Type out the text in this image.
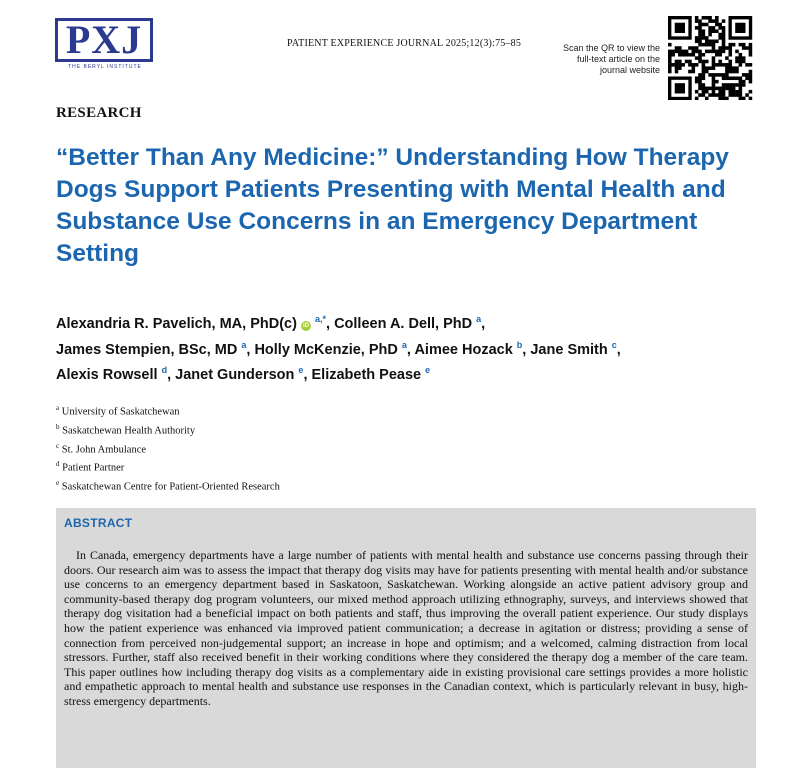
PXJ
THE BERYL INSTITUTE
PATIENT EXPERIENCE JOURNAL 2025;12(3):75–85	Scan the QR to view the full-text article on the journal website
RESEARCH
“Better Than Any Medicine:” Understanding How Therapy Dogs Support Patients Presenting with Mental Health and Substance Use Concerns in an Emergency Department Setting
Alexandria R. Pavelich, MA, PhD(c) iD $^{a,*}$, Colleen A. Dell, PhD $^a$,
James Stempien, BSc, MD $^a$, Holly McKenzie, PhD $^a$, Aimee Hozack $^b$, Jane Smith $^c$,
Alexis Rowsell $^d$, Janet Gunderson $^e$, Elizabeth Pease $^e$
$^a$ University of Saskatchewan
$^b$ Saskatchewan Health Authority
$^c$ St. John Ambulance
$^d$ Patient Partner
$^e$ Saskatchewan Centre for Patient-Oriented Research
ABSTRACT
In Canada, emergency departments have a large number of patients with mental health and substance use concerns passing through their doors. Our research aim was to assess the impact that therapy dog visits may have for patients presenting with mental health and/or substance use concerns to an emergency department based in Saskatoon, Saskatchewan. Working alongside an active patient advisory group and community-based therapy dog program volunteers, our mixed method approach utilizing ethnography, surveys, and interviews showed that therapy dog visitation had a beneficial impact on both patients and staff, thus improving the overall patient experience. Our study displays how the patient experience was enhanced via improved patient communication; a decrease in agitation or distress; providing a sense of connection from perceived non-judgemental support; an increase in hope and optimism; and a welcomed, calming distraction from local stressors. Further, staff also received benefit in their working conditions where they considered the therapy dog a member of the care team. This paper outlines how including therapy dog visits as a complementary aide in existing provisional care settings provides a more holistic and empathetic approach to mental health and substance use responses in the Canadian context, which is particularly relevant in busy, high-stress emergency departments.
